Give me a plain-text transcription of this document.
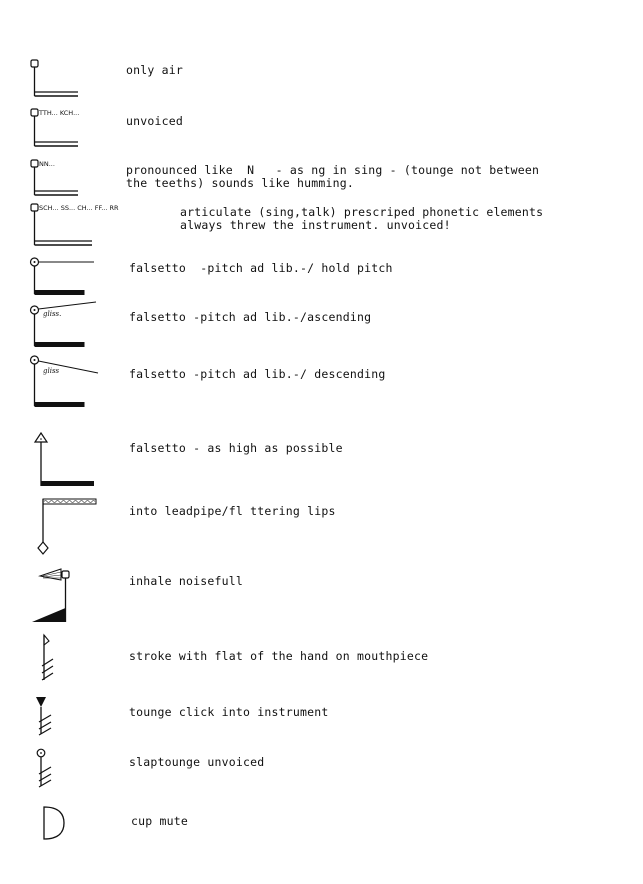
TTH... KCH...
NN...
SCH... SS... CH... FF... RR
gliss.
gliss

only air

unvoiced

pronounced like  N   - as ng in sing - (tounge not between
the teeths) sounds like humming.

articulate (sing,talk) prescriped phonetic elements
always threw the instrument. unvoiced!

falsetto  -pitch ad lib.-/ hold pitch

falsetto -pitch ad lib.-/ascending

falsetto -pitch ad lib.-/ descending

falsetto - as high as possible

into leadpipe/fl ttering lips

inhale noisefull

stroke with flat of the hand on mouthpiece

tounge click into instrument

slaptounge unvoiced

cup mute
